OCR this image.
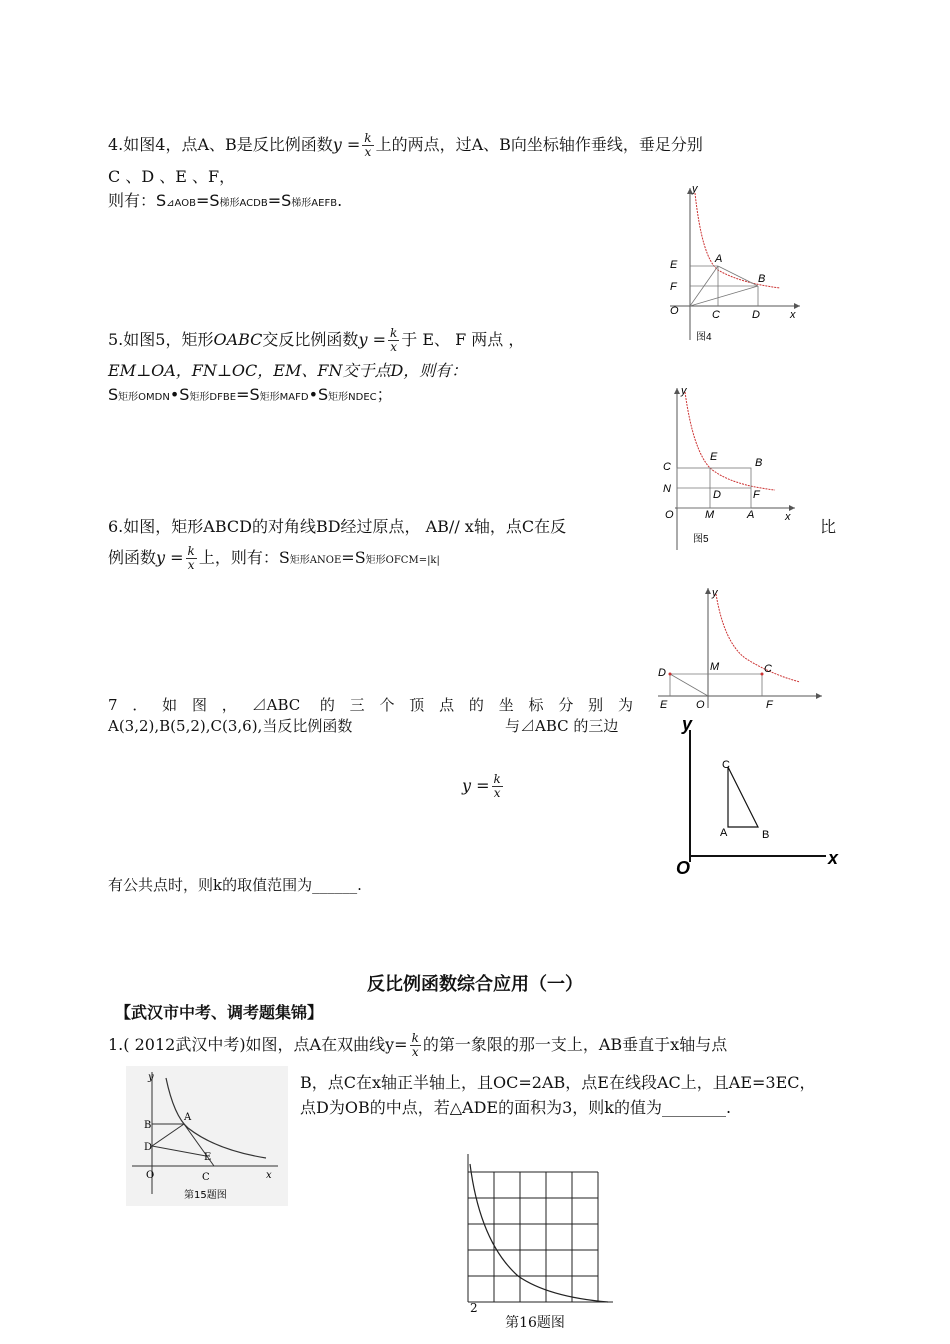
4.如图4，点A、B是反比例函数$y = \frac{k}{x}$ 上的两点，过A、B向坐标轴作垂线，垂足分别
C 、D 、E 、F，
则有：S⊿AOB=S梯形ACDB=S梯形AEFB.
y
E	A
B
F
O	C	D	x
图4
5.如图5，矩形OABC交反比例函数$y = \frac{k}{x}$ 于 E、 F 两点 ，
EM⊥OA，FN⊥OC，EM、FN交于点D，则有：
S矩形OMDN•S矩形DFBE=S矩形MAFD•S矩形NDEC；	y
C
E	B
N	D	F
O	M	A	x
图5
6.如图，矩形ABCD的对角线BD经过原点， AB// x轴，点C在反	比
例函数$y = \frac{k}{x}$ 上，则有：S矩形ANOE=S矩形OFCM=|k|
y
M	C
D
O
E	F
7．如图，⊿ABC 的三个顶点的坐标分别为
A(3,2),B(5,2),C(3,6),当反比例函数	与⊿ABC 的三边
$y = \frac{k}{x}$
有公共点时，则k的取值范围为______.
y
C
A	B
O	x
反比例函数综合应用（一）
【武汉市中考、调考题集锦】
1.( 2012武汉中考)如图，点A在双曲线$y= \frac{k}{x}$ 的第一象限的那一支上，AB垂直于x轴与点
B，点C在x轴正半轴上，且OC=2AB，点E在线段AC上，且AE=3EC，
点D为OB的中点，若△ADE的面积为3，则k的值为________.
y
B
A
D
E
O	C	x
第15题图
2
第16题图
